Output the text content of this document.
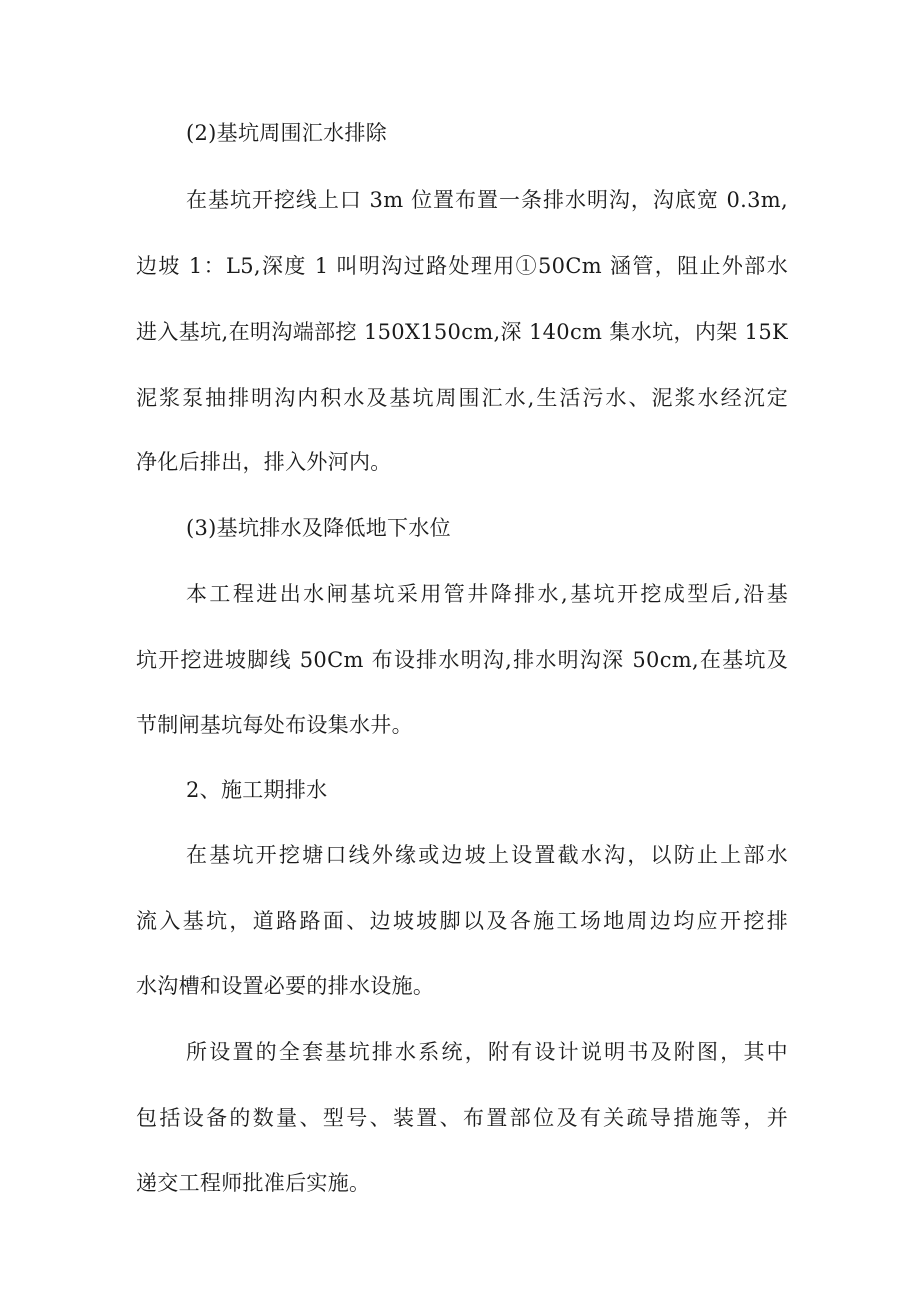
(2)基坑周围汇水排除
在基坑开挖线上口 3m 位置布置一条排水明沟，沟底宽 0.3m,
边坡 1：L5,深度 1 叫明沟过路处理用①50Cm 涵管，阻止外部水
进入基坑,在明沟端部挖 150X150cm,深 140cm 集水坑，内架 15K
泥浆泵抽排明沟内积水及基坑周围汇水,生活污水、泥浆水经沉定
净化后排出，排入外河内。
(3)基坑排水及降低地下水位
本工程进出水闸基坑采用管井降排水,基坑开挖成型后,沿基
坑开挖进坡脚线 50Cm 布设排水明沟,排水明沟深 50cm,在基坑及
节制闸基坑每处布设集水井。
2、施工期排水
在基坑开挖塘口线外缘或边坡上设置截水沟，以防止上部水
流入基坑，道路路面、边坡坡脚以及各施工场地周边均应开挖排
水沟槽和设置必要的排水设施。
所设置的全套基坑排水系统，附有设计说明书及附图，其中
包括设备的数量、型号、装置、布置部位及有关疏导措施等，并
递交工程师批准后实施。
